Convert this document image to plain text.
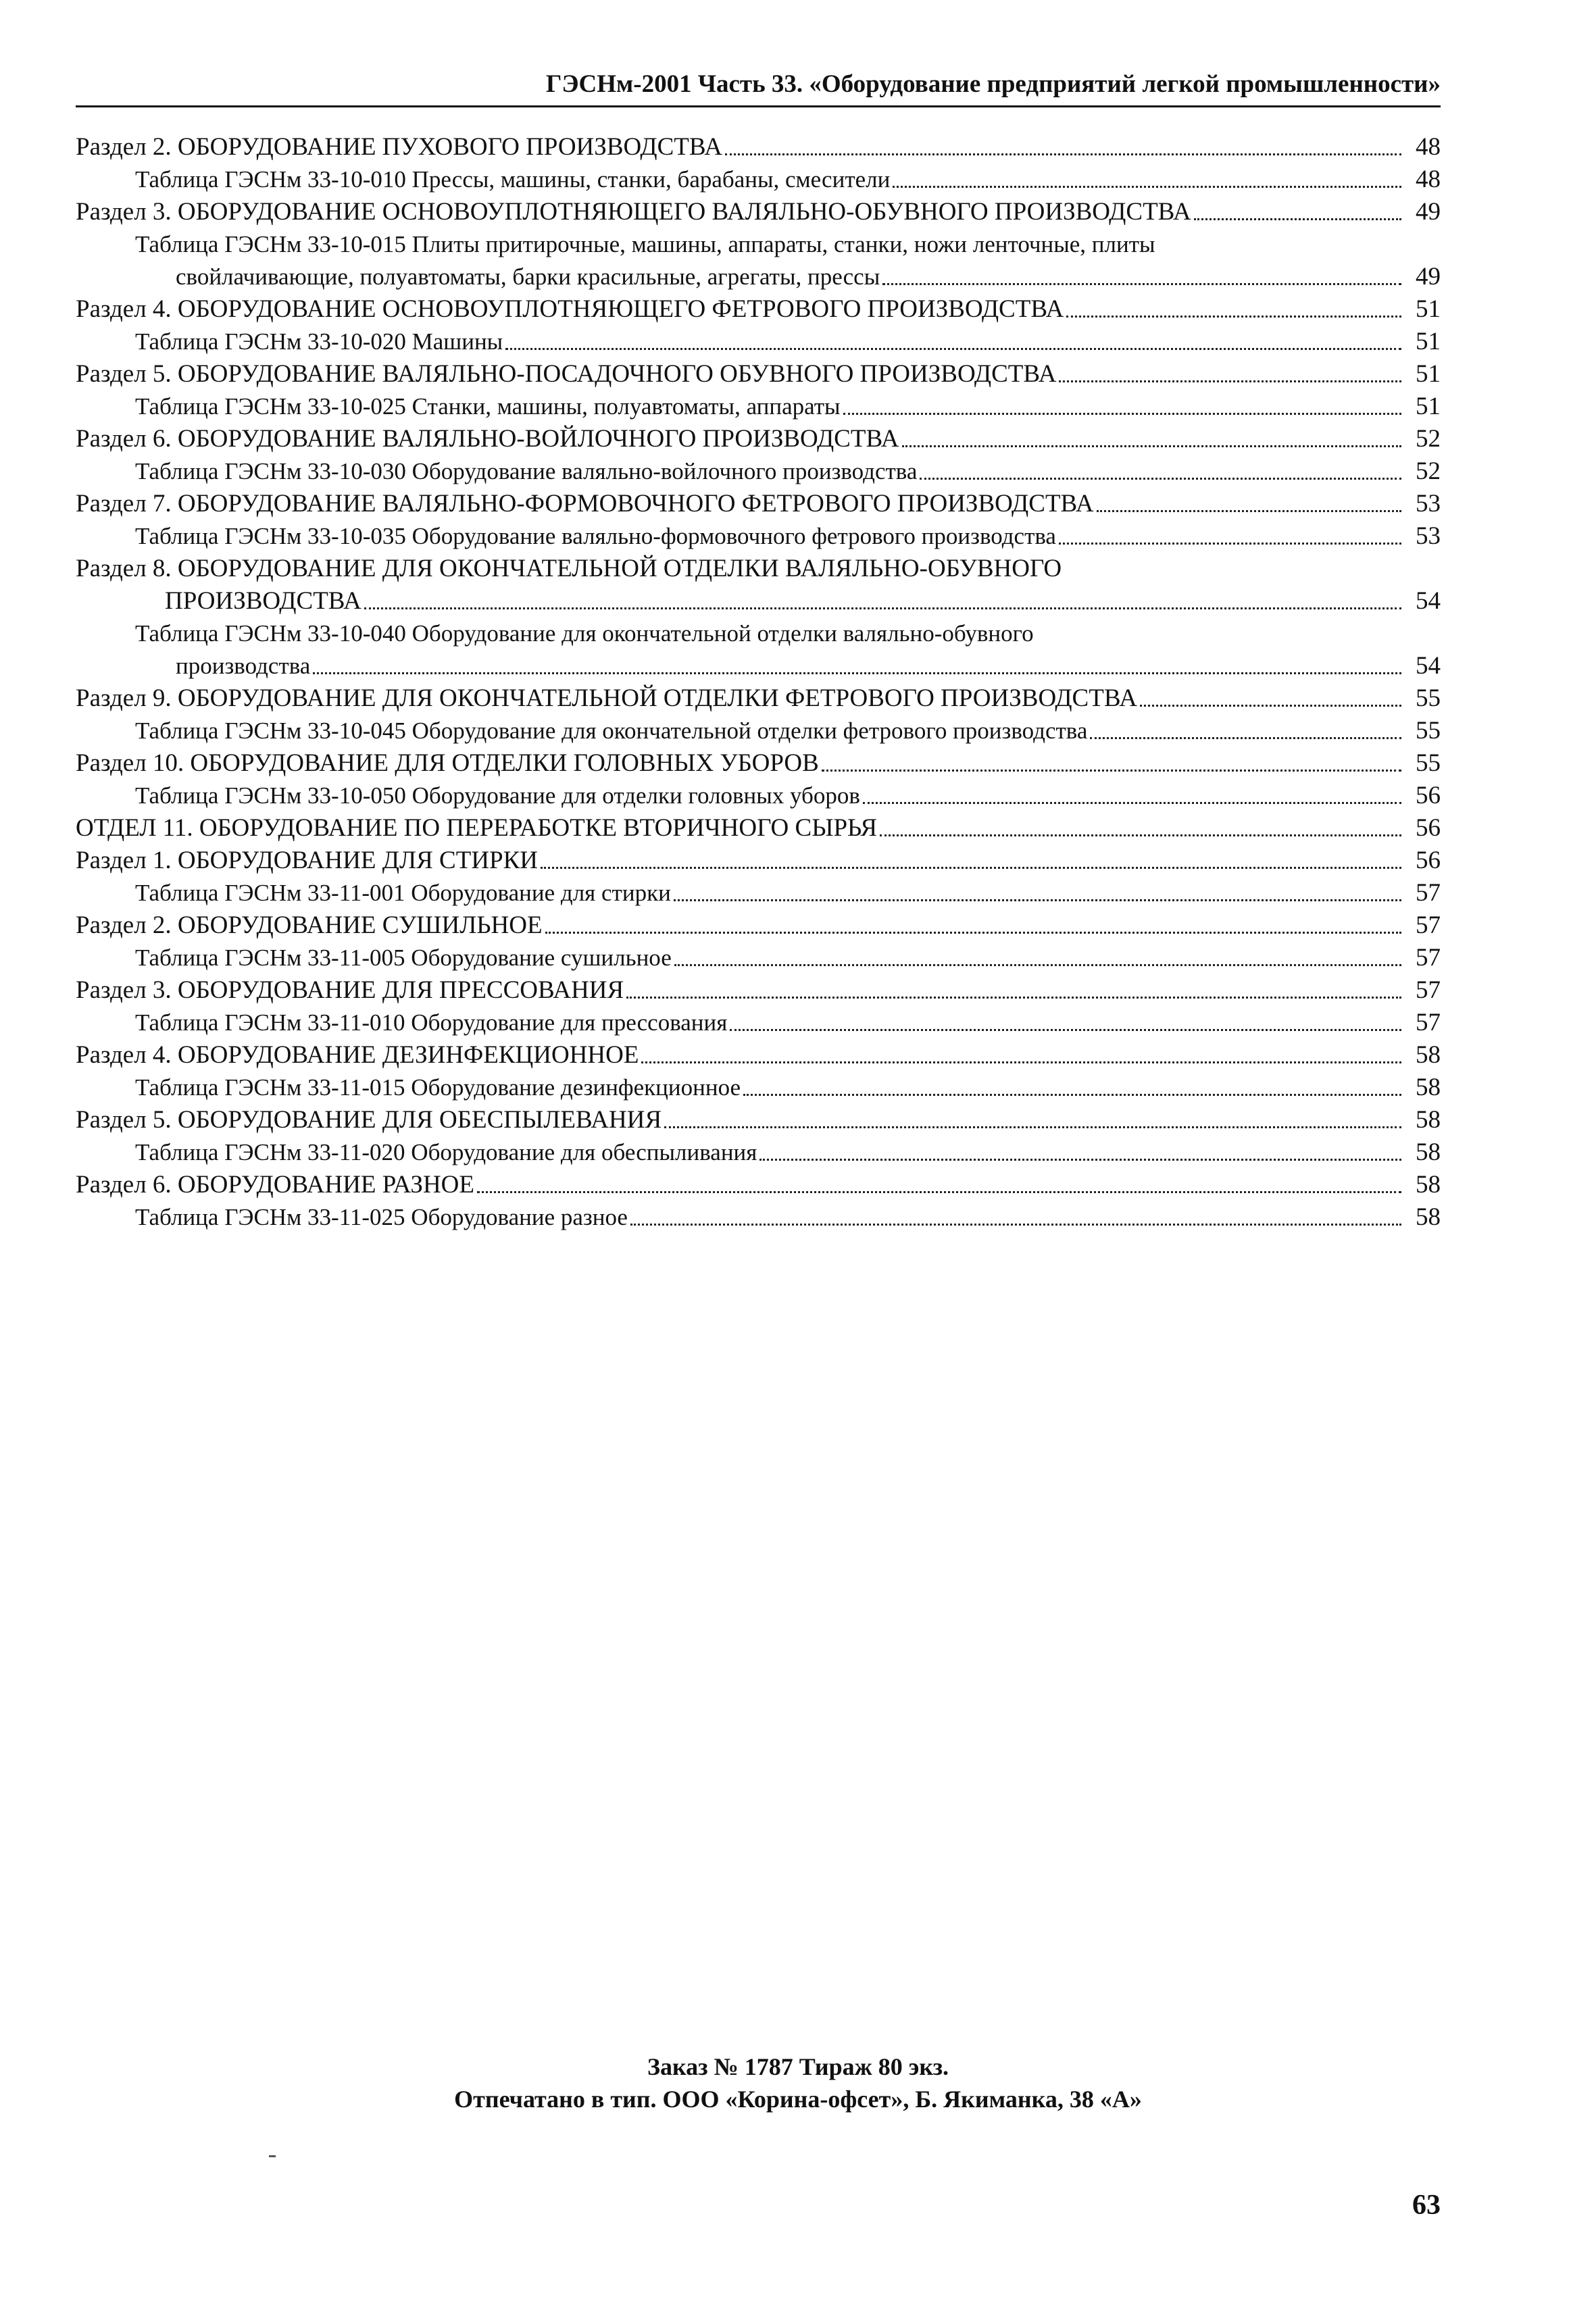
ГЭСНм-2001 Часть 33. «Оборудование предприятий легкой промышленности»
Раздел 2. ОБОРУДОВАНИЕ ПУХОВОГО ПРОИЗВОДСТВА	48
Таблица ГЭСНм 33-10-010 Прессы, машины, станки, барабаны, смесители	48
Раздел 3. ОБОРУДОВАНИЕ ОСНОВОУПЛОТНЯЮЩЕГО ВАЛЯЛЬНО-ОБУВНОГО ПРОИЗВОДСТВА	49
Таблица ГЭСНм 33-10-015 Плиты притирочные, машины, аппараты, станки, ножи ленточные, плиты
свойлачивающие, полуавтоматы, барки красильные, агрегаты, прессы	49
Раздел 4. ОБОРУДОВАНИЕ ОСНОВОУПЛОТНЯЮЩЕГО ФЕТРОВОГО ПРОИЗВОДСТВА	51
Таблица ГЭСНм 33-10-020 Машины	51
Раздел 5. ОБОРУДОВАНИЕ ВАЛЯЛЬНО-ПОСАДОЧНОГО ОБУВНОГО ПРОИЗВОДСТВА	51
Таблица ГЭСНм 33-10-025 Станки, машины, полуавтоматы, аппараты	51
Раздел 6. ОБОРУДОВАНИЕ ВАЛЯЛЬНО-ВОЙЛОЧНОГО ПРОИЗВОДСТВА	52
Таблица ГЭСНм 33-10-030 Оборудование валяльно-войлочного производства	52
Раздел 7. ОБОРУДОВАНИЕ ВАЛЯЛЬНО-ФОРМОВОЧНОГО ФЕТРОВОГО ПРОИЗВОДСТВА	53
Таблица ГЭСНм 33-10-035 Оборудование валяльно-формовочного фетрового производства	53
Раздел 8. ОБОРУДОВАНИЕ ДЛЯ ОКОНЧАТЕЛЬНОЙ ОТДЕЛКИ ВАЛЯЛЬНО-ОБУВНОГО
ПРОИЗВОДСТВА	54
Таблица ГЭСНм 33-10-040 Оборудование для окончательной отделки валяльно-обувного
производства	54
Раздел 9. ОБОРУДОВАНИЕ ДЛЯ ОКОНЧАТЕЛЬНОЙ ОТДЕЛКИ ФЕТРОВОГО ПРОИЗВОДСТВА	55
Таблица ГЭСНм 33-10-045 Оборудование для окончательной отделки фетрового производства	55
Раздел 10. ОБОРУДОВАНИЕ ДЛЯ ОТДЕЛКИ ГОЛОВНЫХ УБОРОВ	55
Таблица ГЭСНм 33-10-050 Оборудование для отделки головных уборов	56
ОТДЕЛ 11. ОБОРУДОВАНИЕ ПО ПЕРЕРАБОТКЕ ВТОРИЧНОГО СЫРЬЯ	56
Раздел 1. ОБОРУДОВАНИЕ ДЛЯ СТИРКИ	56
Таблица ГЭСНм 33-11-001 Оборудование для стирки	57
Раздел 2. ОБОРУДОВАНИЕ СУШИЛЬНОЕ	57
Таблица ГЭСНм 33-11-005 Оборудование сушильное	57
Раздел 3. ОБОРУДОВАНИЕ ДЛЯ ПРЕССОВАНИЯ	57
Таблица ГЭСНм 33-11-010 Оборудование для прессования	57
Раздел 4. ОБОРУДОВАНИЕ ДЕЗИНФЕКЦИОННОЕ	58
Таблица ГЭСНм 33-11-015 Оборудование дезинфекционное	58
Раздел 5. ОБОРУДОВАНИЕ ДЛЯ ОБЕСПЫЛЕВАНИЯ	58
Таблица ГЭСНм 33-11-020 Оборудование для обеспыливания	58
Раздел 6. ОБОРУДОВАНИЕ РАЗНОЕ	58
Таблица ГЭСНм 33-11-025 Оборудование разное	58
Заказ № 1787 Тираж 80 экз.
Отпечатано в тип. ООО «Корина-офсет», Б. Якиманка, 38 «А»
63
